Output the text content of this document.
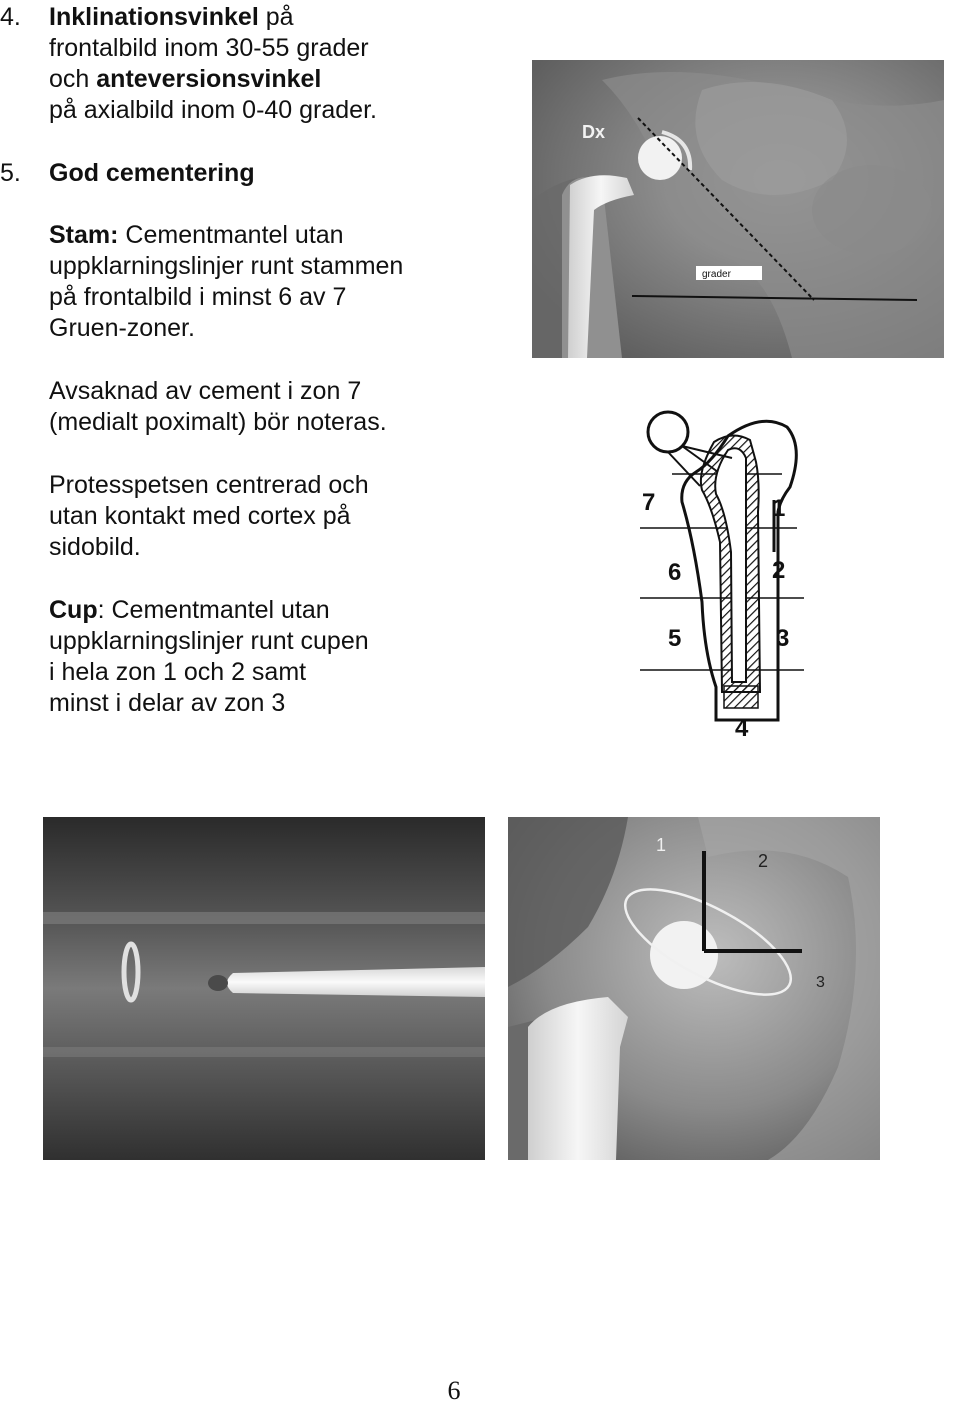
4. Inklinationsvinkel på
frontalbild inom 30-55 grader
och anteversionsvinkel
på axialbild inom 0-40 grader.
5. God cementering
Stam: Cementmantel utan
uppklarningslinjer runt stammen
på frontalbild i minst 6 av 7
Gruen-zoner.
Avsaknad av cement i zon 7
(medialt poximalt) bör noteras.
Protesspetsen centrerad och
utan kontakt med cortex på
sidobild.
Cup: Cementmantel utan
uppklarningslinjer runt cupen
i hela zon 1 och 2 samt
minst i delar av zon 3
Dx
grader
7
6
5
4
3
2
1
1
2
3
6
